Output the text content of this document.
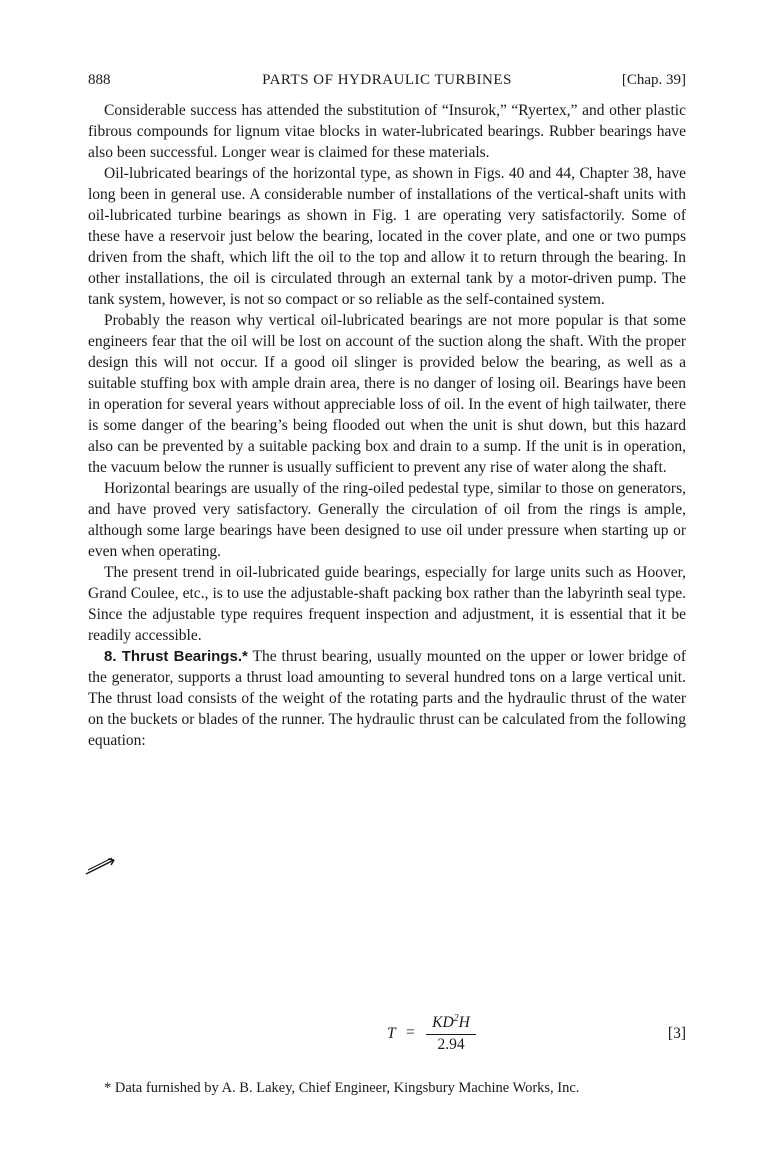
888	PARTS OF HYDRAULIC TURBINES	[Chap. 39]

Considerable success has attended the substitution of “Insurok,” “Ryertex,” and other plastic fibrous compounds for lignum vitae blocks in water-lubricated bearings. Rubber bearings have also been successful. Longer wear is claimed for these materials.

Oil-lubricated bearings of the horizontal type, as shown in Figs. 40 and 44, Chapter 38, have long been in general use. A considerable number of installations of the vertical-shaft units with oil-lubricated turbine bearings as shown in Fig. 1 are operating very satisfactorily. Some of these have a reservoir just below the bearing, located in the cover plate, and one or two pumps driven from the shaft, which lift the oil to the top and allow it to return through the bearing. In other installations, the oil is circulated through an external tank by a motor-driven pump. The tank system, however, is not so compact or so reliable as the self-contained system.

Probably the reason why vertical oil-lubricated bearings are not more popular is that some engineers fear that the oil will be lost on account of the suction along the shaft. With the proper design this will not occur. If a good oil slinger is provided below the bearing, as well as a suitable stuffing box with ample drain area, there is no danger of losing oil. Bearings have been in operation for several years without appreciable loss of oil. In the event of high tailwater, there is some danger of the bearing’s being flooded out when the unit is shut down, but this hazard also can be prevented by a suitable packing box and drain to a sump. If the unit is in operation, the vacuum below the runner is usually sufficient to prevent any rise of water along the shaft.

Horizontal bearings are usually of the ring-oiled pedestal type, similar to those on generators, and have proved very satisfactory. Generally the circulation of oil from the rings is ample, although some large bearings have been designed to use oil under pressure when starting up or even when operating.

The present trend in oil-lubricated guide bearings, especially for large units such as Hoover, Grand Coulee, etc., is to use the adjustable-shaft packing box rather than the labyrinth seal type. Since the adjustable type requires frequent inspection and adjustment, it is essential that it be readily accessible.

8. Thrust Bearings.* The thrust bearing, usually mounted on the upper or lower bridge of the generator, supports a thrust load amounting to several hundred tons on a large vertical unit. The thrust load consists of the weight of the rotating parts and the hydraulic thrust of the water on the buckets or blades of the runner. The hydraulic thrust can be calculated from the following equation:

$T = \frac{KD^2H}{2.94}$	[3]
* Data furnished by A. B. Lakey, Chief Engineer, Kingsbury Machine Works, Inc.
